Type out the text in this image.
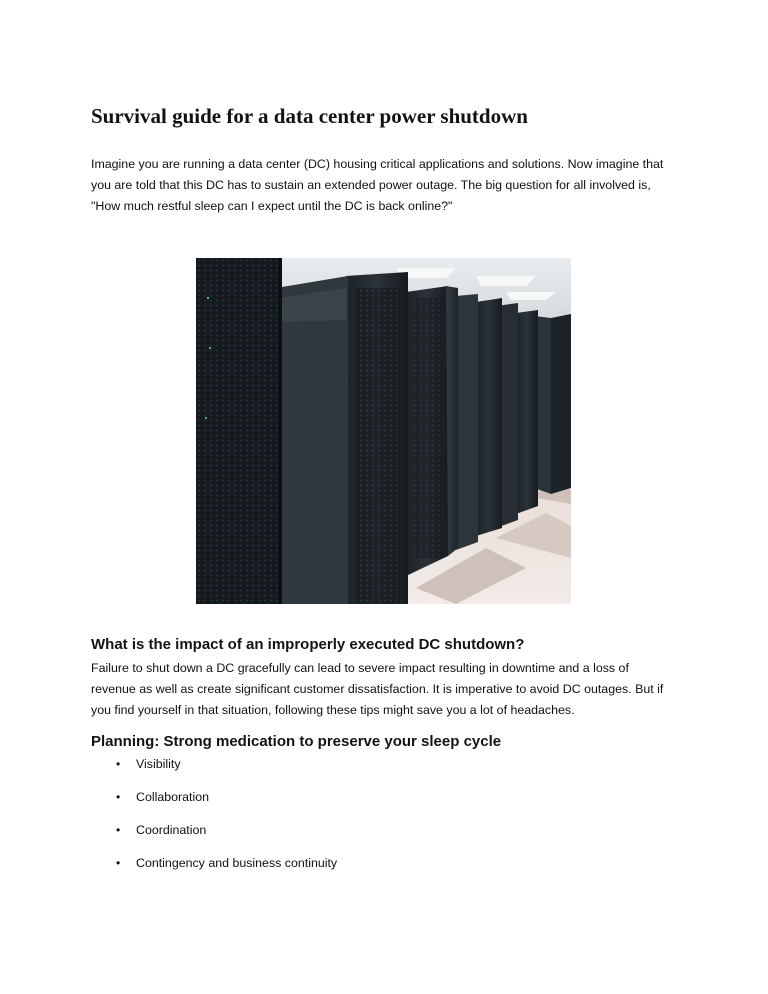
Survival guide for a data center power shutdown
Imagine you are running a data center (DC) housing critical applications and solutions. Now imagine that
you are told that this DC has to sustain an extended power outage. The big question for all involved is,
"How much restful sleep can I expect until the DC is back online?"
What is the impact of an improperly executed DC shutdown?
Failure to shut down a DC gracefully can lead to severe impact resulting in downtime and a loss of
revenue as well as create significant customer dissatisfaction. It is imperative to avoid DC outages. But if
you find yourself in that situation, following these tips might save you a lot of headaches.
Planning: Strong medication to preserve your sleep cycle
• Visibility
• Collaboration
• Coordination
• Contingency and business continuity
